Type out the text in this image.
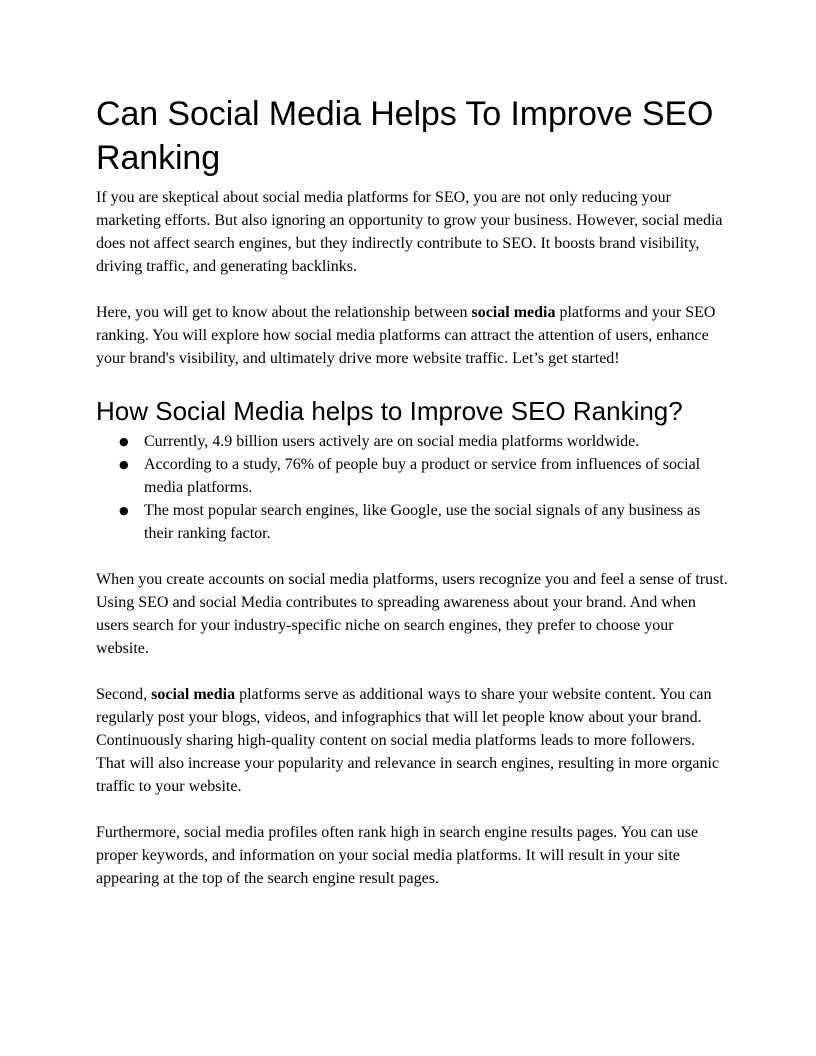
Can Social Media Helps To Improve SEO Ranking

If you are skeptical about social media platforms for SEO, you are not only reducing your marketing efforts. But also ignoring an opportunity to grow your business. However, social media does not affect search engines, but they indirectly contribute to SEO. It boosts brand visibility, driving traffic, and generating backlinks.

Here, you will get to know about the relationship between social media platforms and your SEO ranking. You will explore how social media platforms can attract the attention of users, enhance your brand's visibility, and ultimately drive more website traffic. Let’s get started!

How Social Media helps to Improve SEO Ranking?
● Currently, 4.9 billion users actively are on social media platforms worldwide.
● According to a study, 76% of people buy a product or service from influences of social media platforms.
● The most popular search engines, like Google, use the social signals of any business as their ranking factor.

When you create accounts on social media platforms, users recognize you and feel a sense of trust. Using SEO and social Media contributes to spreading awareness about your brand. And when users search for your industry-specific niche on search engines, they prefer to choose your website.

Second, social media platforms serve as additional ways to share your website content. You can regularly post your blogs, videos, and infographics that will let people know about your brand. Continuously sharing high-quality content on social media platforms leads to more followers. That will also increase your popularity and relevance in search engines, resulting in more organic traffic to your website.

Furthermore, social media profiles often rank high in search engine results pages. You can use proper keywords, and information on your social media platforms. It will result in your site appearing at the top of the search engine result pages.
